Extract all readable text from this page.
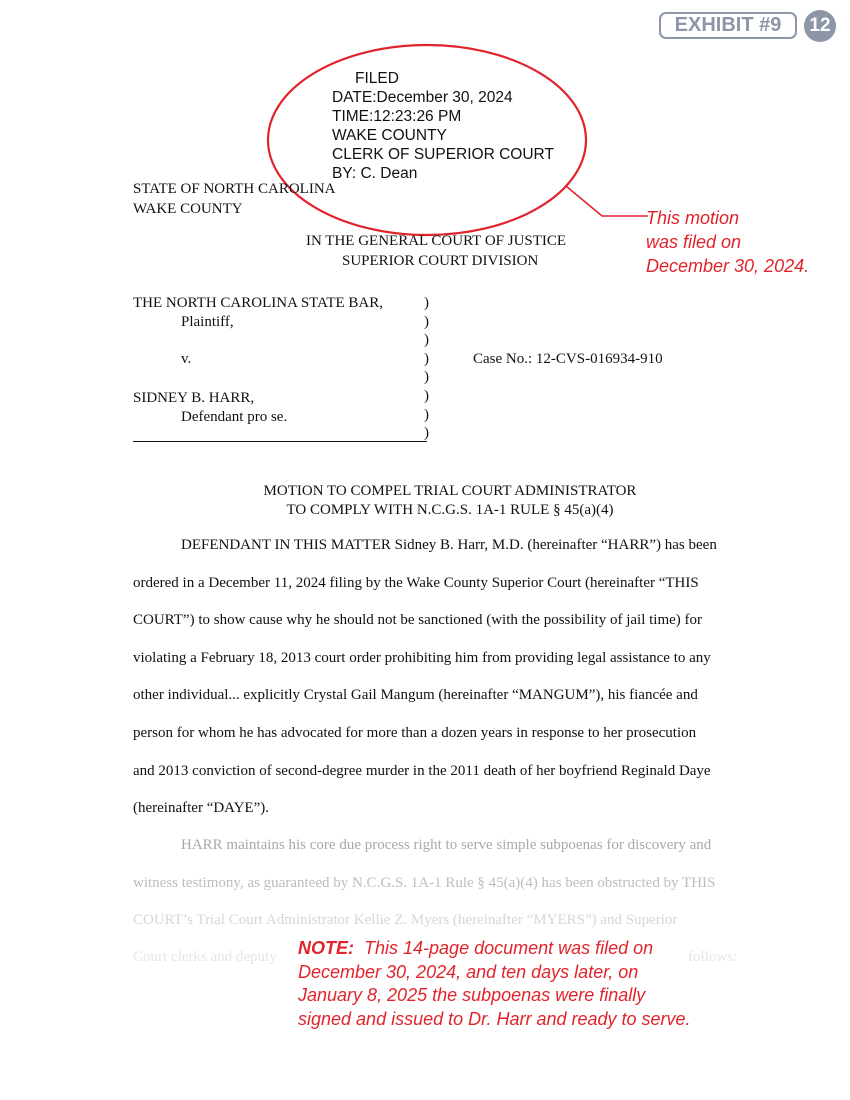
EXHIBIT #9	12
FILED
DATE:December 30, 2024
TIME:12:23:26 PM
WAKE COUNTY
CLERK OF SUPERIOR COURT
BY: C. Dean
STATE OF NORTH CAROLINA
WAKE COUNTY
IN THE GENERAL COURT OF JUSTICE
SUPERIOR COURT DIVISION
This motion
was filed on
December 30, 2024.
THE NORTH CAROLINA STATE BAR,
Plaintiff,
v.
SIDNEY B. HARR,
Defendant pro se.
)
)
)
)
)
)
)
)
Case No.: 12-CVS-016934-910
MOTION TO COMPEL TRIAL COURT ADMINISTRATOR
TO COMPLY WITH N.C.G.S. 1A-1 RULE § 45(a)(4)

DEFENDANT IN THIS MATTER Sidney B. Harr, M.D. (hereinafter “HARR”) has been

ordered in a December 11, 2024 filing by the Wake County Superior Court (hereinafter “THIS

COURT”) to show cause why he should not be sanctioned (with the possibility of jail time) for

violating a February 18, 2013 court order prohibiting him from providing legal assistance to any

other individual... explicitly Crystal Gail Mangum (hereinafter “MANGUM”), his fiancée and

person for whom he has advocated for more than a dozen years in response to her prosecution

and 2013 conviction of second-degree murder in the 2011 death of her boyfriend Reginald Daye

(hereinafter “DAYE”).

HARR maintains his core due process right to serve simple subpoenas for discovery and

witness testimony, as guaranteed by N.C.G.S. 1A-1 Rule § 45(a)(4) has been obstructed by THIS

COURT’s Trial Court Administrator Kellie Z. Myers (hereinafter “MYERS”) and Superior

Court clerks and deputy	follows:
NOTE: This 14-page document was filed on
December 30, 2024, and ten days later, on
January 8, 2025 the subpoenas were finally
signed and issued to Dr. Harr and ready to serve.
